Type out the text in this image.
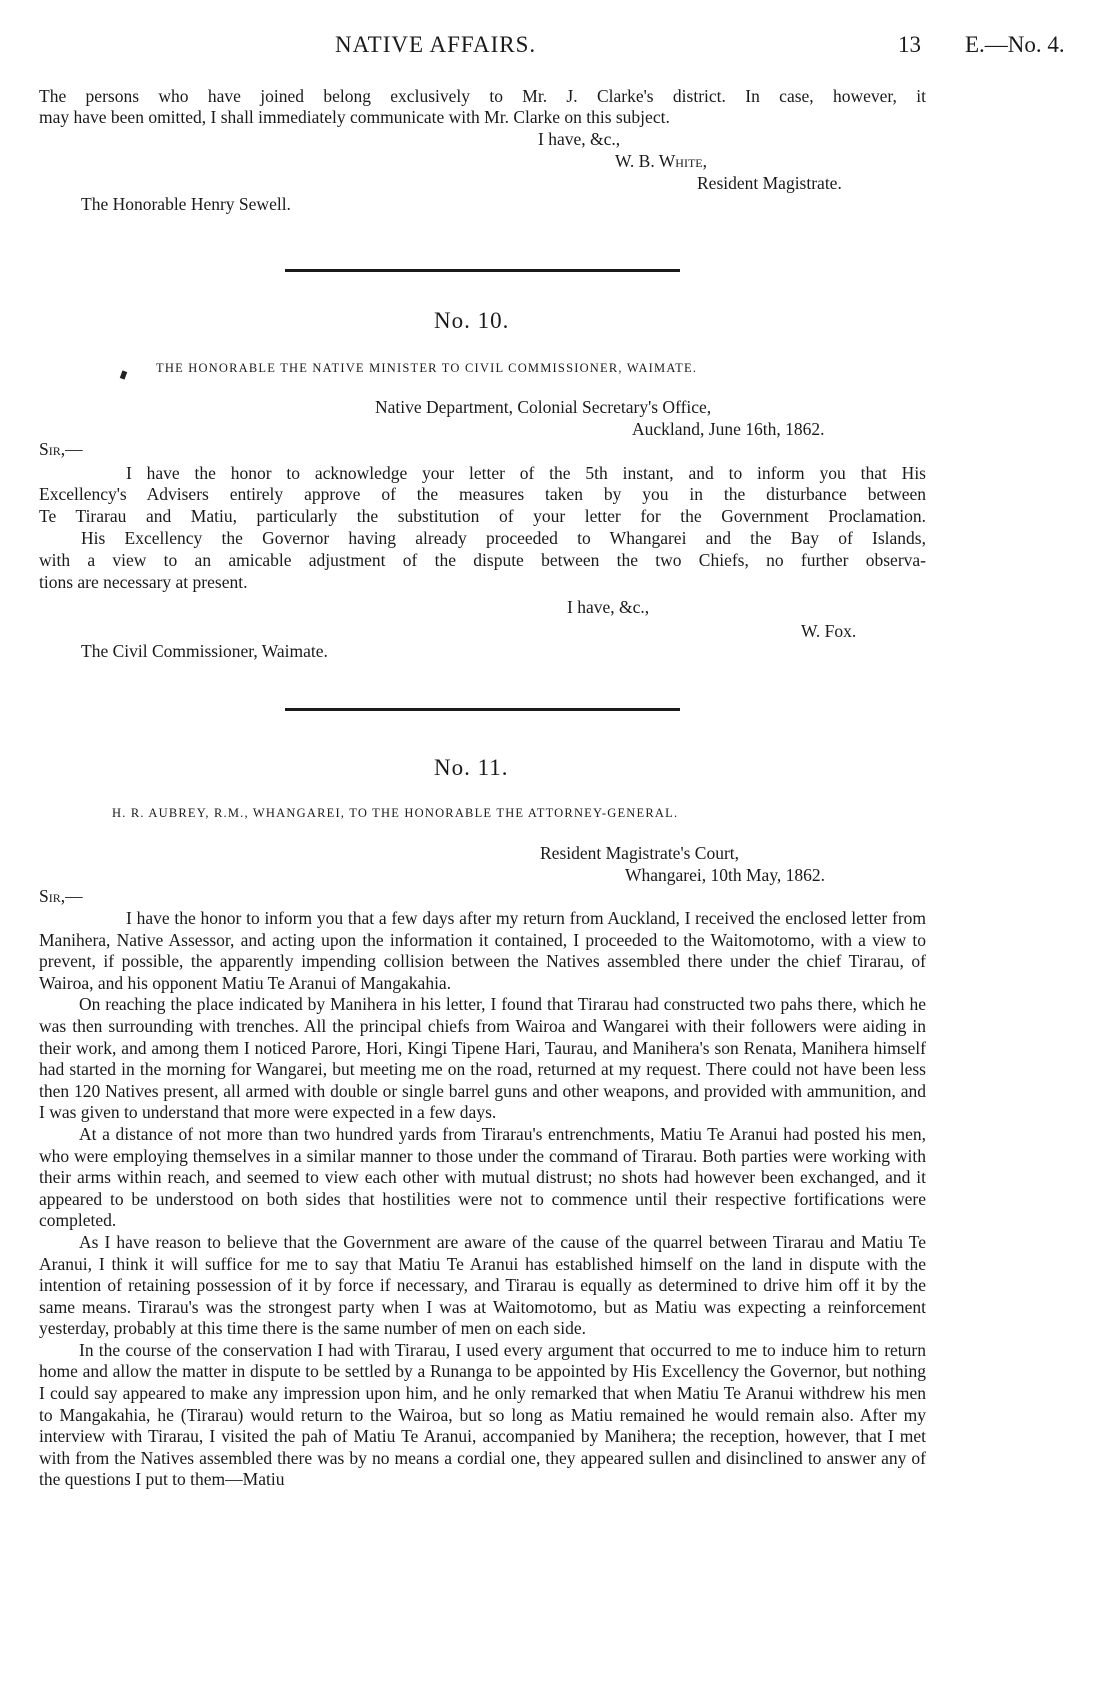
NATIVE AFFAIRS.	13 E.—No. 4.
The persons who have joined belong exclusively to Mr. J. Clarke's district. In case, however, it
may have been omitted, I shall immediately communicate with Mr. Clarke on this subject.
I have, &c.,
W. B. White,
Resident Magistrate.
The Honorable Henry Sewell.
No. 10.
THE HONORABLE THE NATIVE MINISTER TO CIVIL COMMISSIONER, WAIMATE.
Native Department, Colonial Secretary's Office,
Auckland, June 16th, 1862.
Sir,—
I have the honor to acknowledge your letter of the 5th instant, and to inform you that His
Excellency's Advisers entirely approve of the measures taken by you in the disturbance between
Te Tirarau and Matiu, particularly the substitution of your letter for the Government Proclamation.
His Excellency the Governor having already proceeded to Whangarei and the Bay of Islands,
with a view to an amicable adjustment of the dispute between the two Chiefs, no further observa-
tions are necessary at present.
I have, &c.,
The Civil Commissioner, Waimate.
W. Fox.
No. 11.
H. R. AUBREY, R.M., WHANGAREI, TO THE HONORABLE THE ATTORNEY-GENERAL.
Resident Magistrate's Court,
Whangarei, 10th May, 1862.
Sir,—

I have the honor to inform you that a few days after my return from Auckland, I received the enclosed letter from Manihera, Native Assessor, and acting upon the information it contained, I proceeded to the Waitomotomo, with a view to prevent, if possible, the apparently impending collision between the Natives assembled there under the chief Tirarau, of Wairoa, and his opponent Matiu Te Aranui of Mangakahia.

On reaching the place indicated by Manihera in his letter, I found that Tirarau had constructed two pahs there, which he was then surrounding with trenches. All the principal chiefs from Wairoa and Wangarei with their followers were aiding in their work, and among them I noticed Parore, Hori, Kingi Tipene Hari, Taurau, and Manihera's son Renata, Manihera himself had started in the morning for Wangarei, but meeting me on the road, returned at my request. There could not have been less then 120 Natives present, all armed with double or single barrel guns and other weapons, and provided with ammunition, and I was given to understand that more were expected in a few days.

At a distance of not more than two hundred yards from Tirarau's entrenchments, Matiu Te Aranui had posted his men, who were employing themselves in a similar manner to those under the command of Tirarau. Both parties were working with their arms within reach, and seemed to view each other with mutual distrust; no shots had however been exchanged, and it appeared to be understood on both sides that hostilities were not to commence until their respective fortifications were completed.

As I have reason to believe that the Government are aware of the cause of the quarrel between Tirarau and Matiu Te Aranui, I think it will suffice for me to say that Matiu Te Aranui has established himself on the land in dispute with the intention of retaining possession of it by force if necessary, and Tirarau is equally as determined to drive him off it by the same means. Tirarau's was the strongest party when I was at Waitomotomo, but as Matiu was expecting a reinforcement yesterday, probably at this time there is the same number of men on each side.

In the course of the conservation I had with Tirarau, I used every argument that occurred to me to induce him to return home and allow the matter in dispute to be settled by a Runanga to be appointed by His Excellency the Governor, but nothing I could say appeared to make any impression upon him, and he only remarked that when Matiu Te Aranui withdrew his men to Mangakahia, he (Tirarau) would return to the Wairoa, but so long as Matiu remained he would remain also. After my interview with Tirarau, I visited the pah of Matiu Te Aranui, accompanied by Manihera; the reception, however, that I met with from the Natives assembled there was by no means a cordial one, they appeared sullen and disinclined to answer any of the questions I put to them—Matiu
